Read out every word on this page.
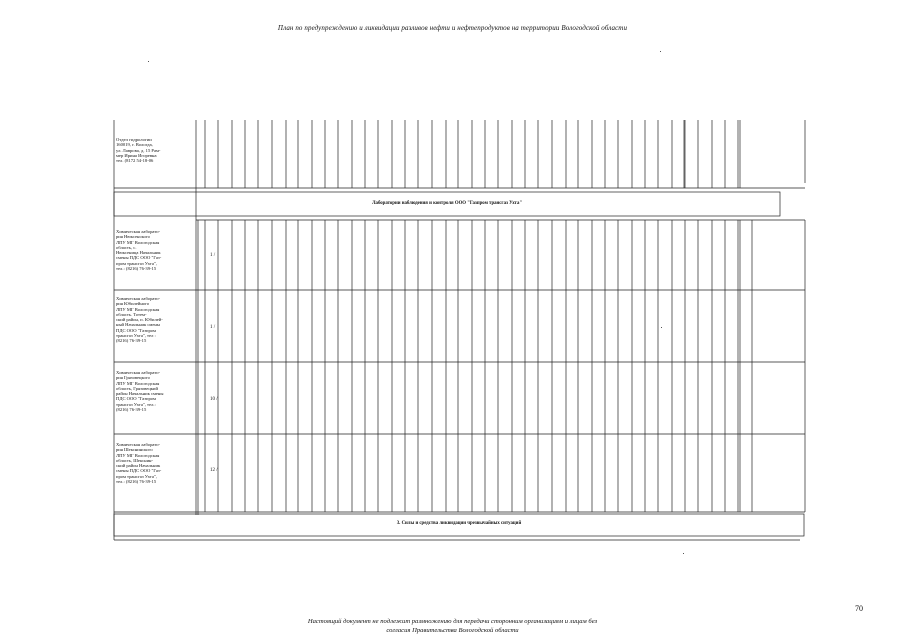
План по предупреждению и ликвидации разливов нефти и нефтепродуктов на территории Вологодской области
Отдел гидрологии
160019, г. Вологда,
ул. Лаврова, д. 15 Рам-
мер Ирина Игоревна
тел. (8172 54-18-06
Лаборатории наблюдения и контроля ООО "Газпром трансгаз Ухта"
Химическая лаборато-
рия Нюксенского
ЛПУ МГ Вологодская
область, с.
Нюксеница Начальник
смены ПДС ООО "Газ-
пром трансгаз Ухта",
тел.: (8216) 76-39-15
1 /
Химическая лаборато-
рия Юбилейного
ЛПУ МГ Вологодская
область. Тотем-
ский район, п. Юбилей-
ный Начальник смены
ПДС ООО "Газпром
трансгаз Ухта", тел :
(8216) 76-39-15
1 /
Химическая лаборато-
рия Грязовецкого
ЛПУ МГ Вологодская
область, Грязовецкий
район Начальник смены
ПДС ООО "Газпром
трансгаз Ухта", тел.:
(8216) 76-39-15
10 /
Химическая лаборато-
рия Шекснинского
ЛПУ МГ Вологодская
область, Шекснин-
ский район Начальник
смены ПДС ООО "Газ-
пром трансгаз Ухта",
тел.: (8216) 76-39-15
12 /
3. Силы и средства ликвидации чрезвычайных ситуаций
70
Настоящий документ не подлежит размножению для передачи сторонним организациям и лицам без
согласия Правительства Вологодской области
